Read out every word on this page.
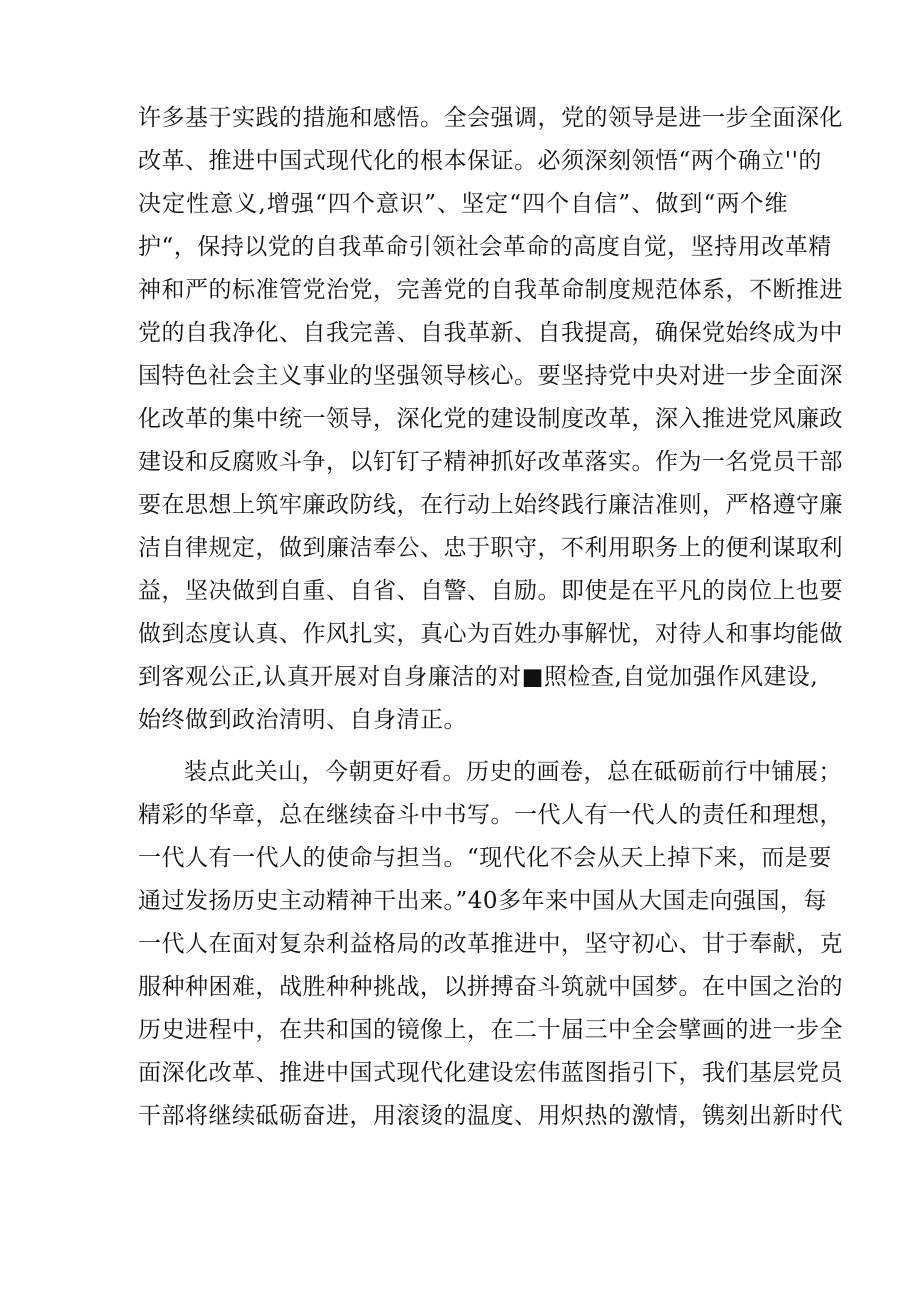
许多基于实践的措施和感悟。全会强调，党的领导是进一步全面深化
改革、推进中国式现代化的根本保证。必须深刻领悟“两个确立''的
决定性意义,增强“四个意识”、坚定“四个自信”、做到“两个维
护“，保持以党的自我革命引领社会革命的高度自觉，坚持用改革精
神和严的标准管党治党，完善党的自我革命制度规范体系，不断推进
党的自我净化、自我完善、自我革新、自我提高，确保党始终成为中
国特色社会主义事业的坚强领导核心。要坚持党中央对进一步全面深
化改革的集中统一领导，深化党的建设制度改革，深入推进党风廉政
建设和反腐败斗争，以钉钉子精神抓好改革落实。作为一名党员干部
要在思想上筑牢廉政防线，在行动上始终践行廉洁准则，严格遵守廉
洁自律规定，做到廉洁奉公、忠于职守，不利用职务上的便利谋取利
益，坚决做到自重、自省、自警、自励。即使是在平凡的岗位上也要
做到态度认真、作风扎实，真心为百姓办事解忧，对待人和事均能做
到客观公正,认真开展对自身廉洁的对■照检查,自觉加强作风建设,
始终做到政治清明、自身清正。
装点此关山，今朝更好看。历史的画卷，总在砥砺前行中铺展；
精彩的华章，总在继续奋斗中书写。一代人有一代人的责任和理想，
一代人有一代人的使命与担当。“现代化不会从天上掉下来，而是要
通过发扬历史主动精神干出来。”40多年来中国从大国走向强国，每
一代人在面对复杂利益格局的改革推进中，坚守初心、甘于奉献，克
服种种困难，战胜种种挑战，以拼搏奋斗筑就中国梦。在中国之治的
历史进程中，在共和国的镜像上，在二十届三中全会擘画的进一步全
面深化改革、推进中国式现代化建设宏伟蓝图指引下，我们基层党员
干部将继续砥砺奋进，用滚烫的温度、用炽热的激情，镌刻出新时代
